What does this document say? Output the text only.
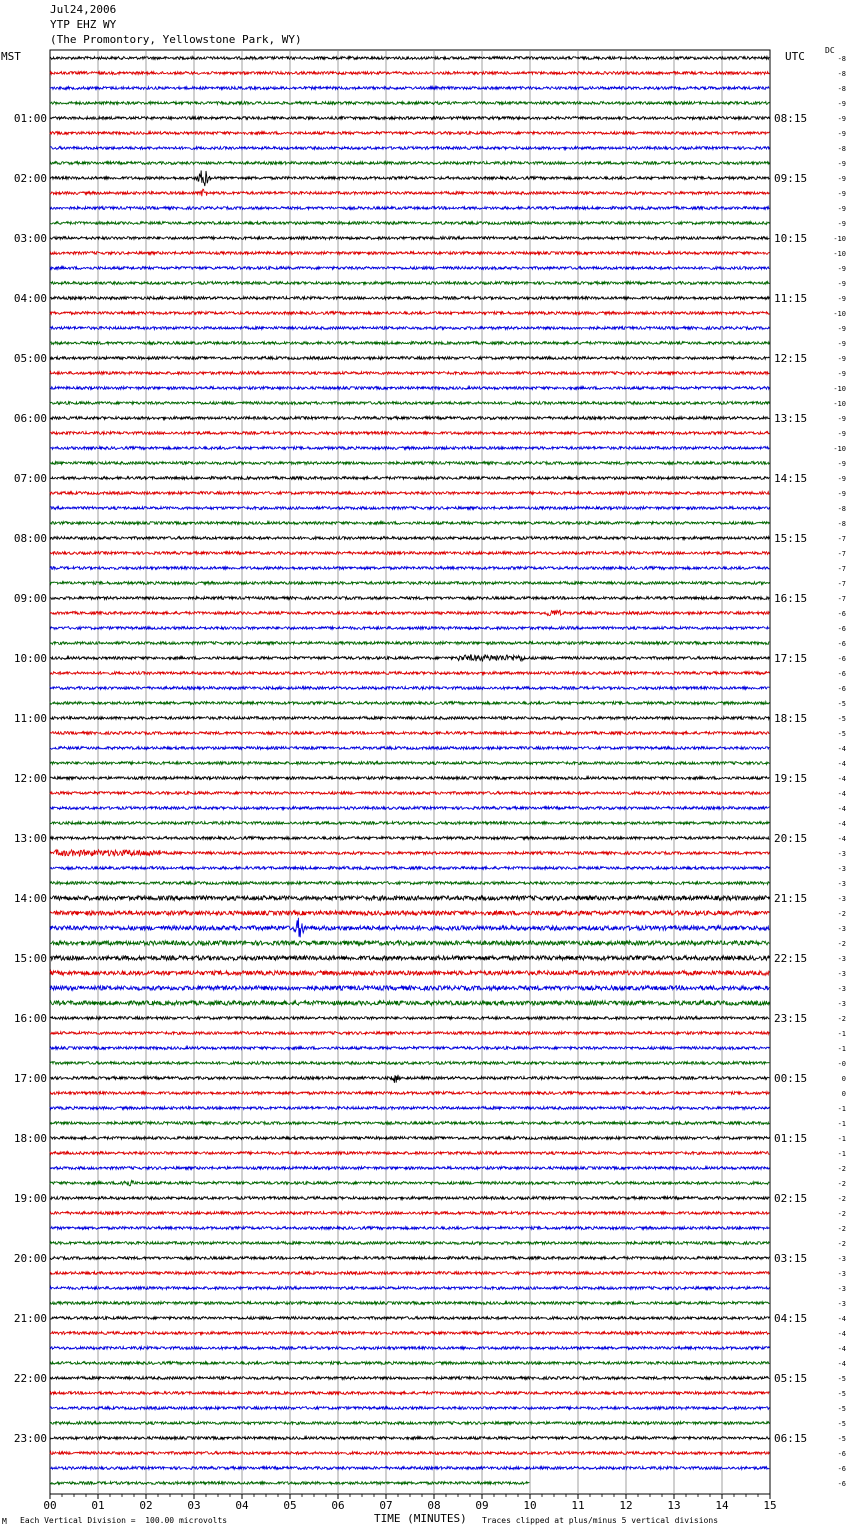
Jul24,2006
YTP EHZ WY
(The Promontory, Yellowstone Park, WY)
01:00
02:00
03:00
04:00
05:00
06:00
07:00
08:00
09:00
10:00
11:00
12:00
13:00
14:00
15:00
16:00
17:00
18:00
19:00
20:00
21:00
22:00
23:00
08:15
09:15
10:15
11:15
12:15
13:15
14:15
15:15
16:15
17:15
18:15
19:15
20:15
21:15
22:15
23:15
00:15
01:15
02:15
03:15
04:15
05:15
06:15
-8
-8
-8
-9
-9
-9
-8
-9
-9
-9
-9
-9
-10
-10
-9
-9
-9
-10
-9
-9
-9
-9
-10
-10
-9
-9
-10
-9
-9
-9
-8
-8
-7
-7
-7
-7
-7
-6
-6
-6
-6
-6
-6
-5
-5
-5
-4
-4
-4
-4
-4
-4
-4
-3
-3
-3
-3
-2
-3
-2
-3
-3
-3
-3
-2
-1
-1
-0
0
0
-1
-1
-1
-1
-2
-2
-2
-2
-2
-2
-3
-3
-3
-3
-4
-4
-4
-4
-5
-5
-5
-5
-5
-6
-6
-6
00	01	02	03	04	05	06	07	08	09	10	11	12	13	14	15
MST	UTC	DC
TIME (MINUTES)
M Each Vertical Division =  100.00 microvolts	Traces clipped at plus/minus 5 vertical divisions
